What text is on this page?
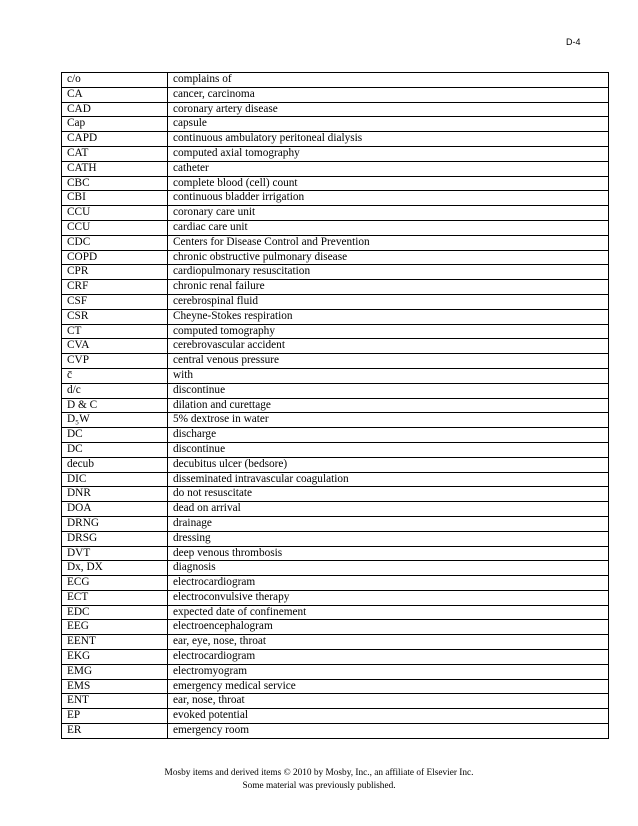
D-4
c/o	complains of
CA	cancer, carcinoma
CAD	coronary artery disease
Cap	capsule
CAPD	continuous ambulatory peritoneal dialysis
CAT	computed axial tomography
CATH	catheter
CBC	complete blood (cell) count
CBI	continuous bladder irrigation
CCU	coronary care unit
CCU	cardiac care unit
CDC	Centers for Disease Control and Prevention
COPD	chronic obstructive pulmonary disease
CPR	cardiopulmonary resuscitation
CRF	chronic renal failure
CSF	cerebrospinal fluid
CSR	Cheyne-Stokes respiration
CT	computed tomography
CVA	cerebrovascular accident
CVP	central venous pressure
c̄	with
d/c	discontinue
D & C	dilation and curettage
D₅W	5% dextrose in water
DC	discharge
DC	discontinue
decub	decubitus ulcer (bedsore)
DIC	disseminated intravascular coagulation
DNR	do not resuscitate
DOA	dead on arrival
DRNG	drainage
DRSG	dressing
DVT	deep venous thrombosis
Dx, DX	diagnosis
ECG	electrocardiogram
ECT	electroconvulsive therapy
EDC	expected date of confinement
EEG	electroencephalogram
EENT	ear, eye, nose, throat
EKG	electrocardiogram
EMG	electromyogram
EMS	emergency medical service
ENT	ear, nose, throat
EP	evoked potential
ER	emergency room
Mosby items and derived items © 2010 by Mosby, Inc., an affiliate of Elsevier Inc.
Some material was previously published.
